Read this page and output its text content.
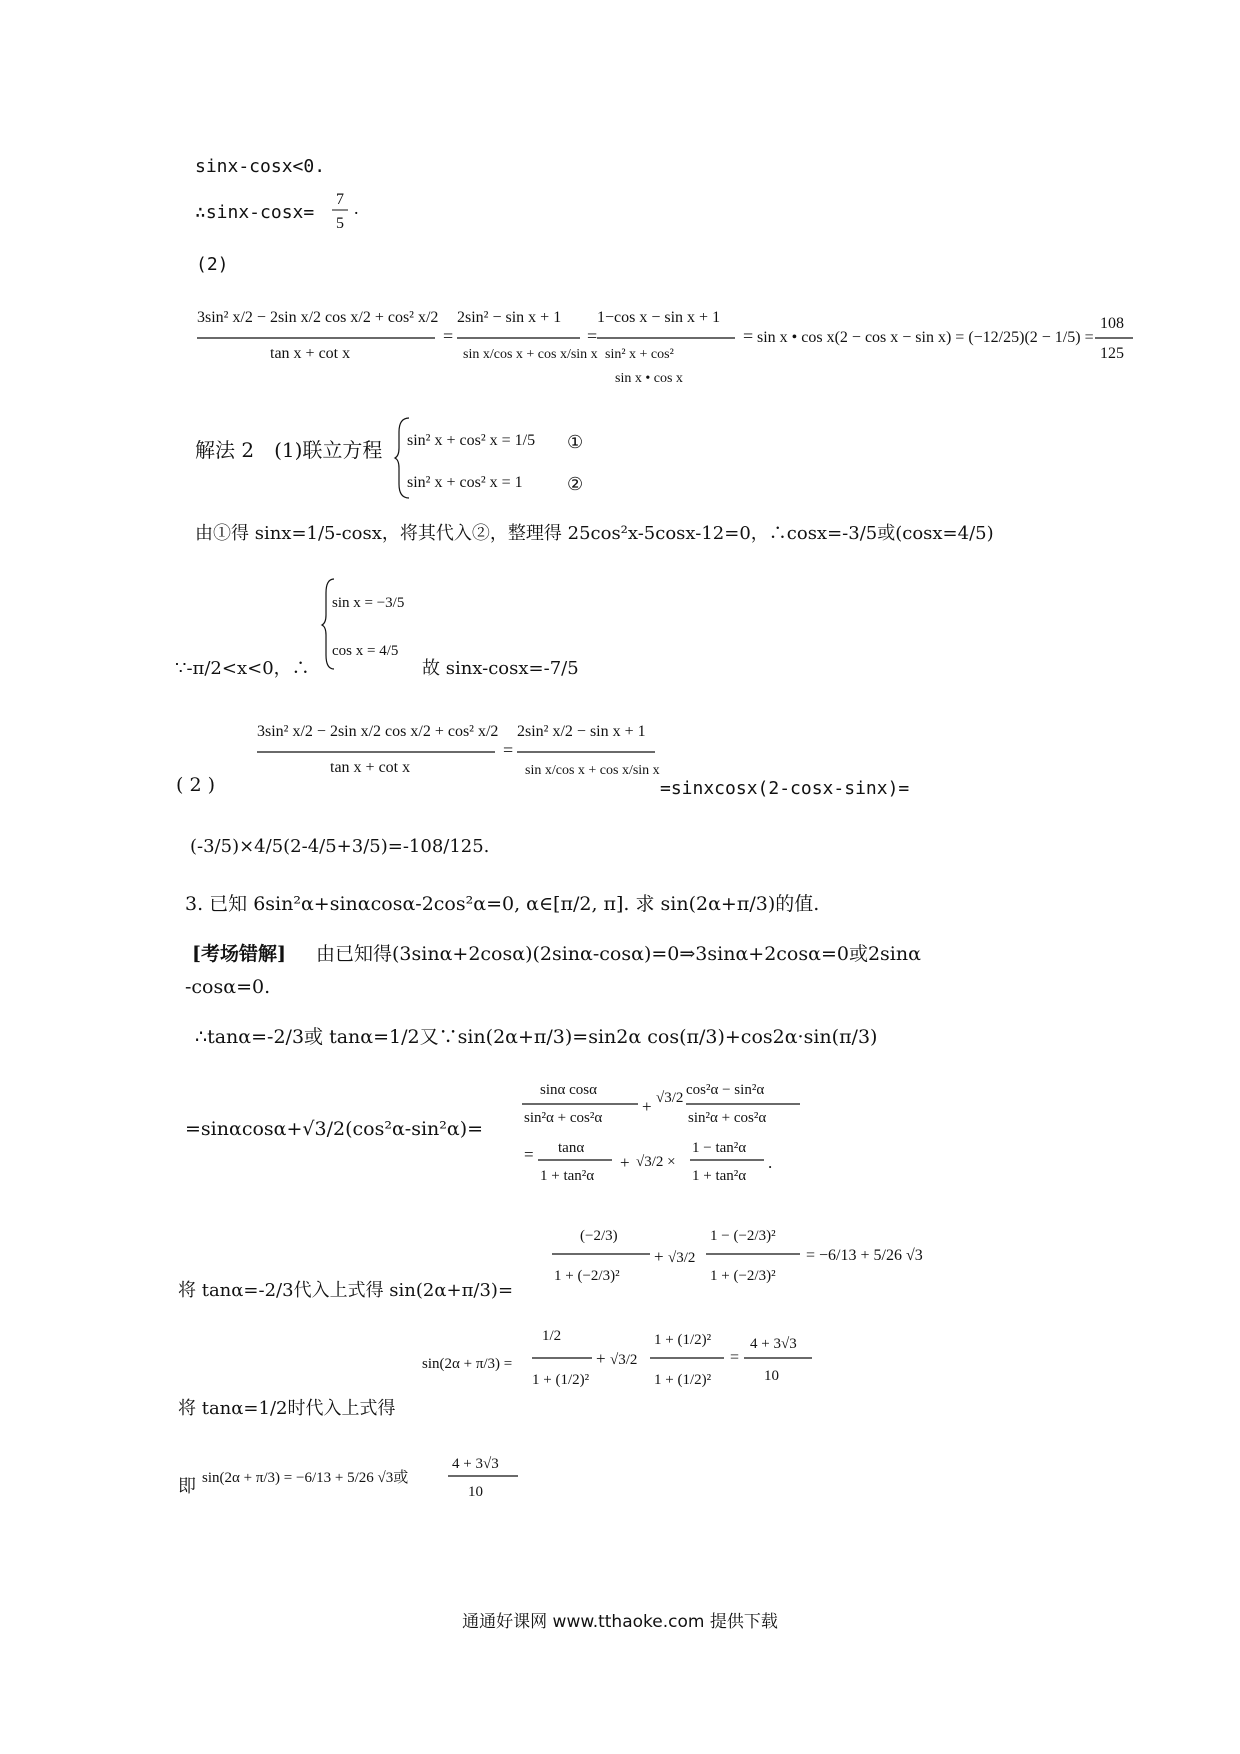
sinx-cosx<0.
∴sinx-cosx=
7
5
.
(2)
3sin² x/2 − 2sin x/2 cos x/2 + cos² x/2
tan x + cot x
=
2sin² − sin x + 1
sin x/cos x + cos x/sin x
=
1−cos x − sin x + 1
sin² x + cos²
sin x • cos x
= sin x • cos x(2 − cos x − sin x) = (−12/25)(2 − 1/5) =
108
125
解法 2　(1)联立方程 sin² x + cos² x = 1/5 ①
sin² x + cos² x = 1 ②
由①得 sinx=1/5-cosx，将其代入②，整理得 25cos²x-5cosx-12=0，∴cosx=-3/5或(cosx=4/5)
∵-π/2<x<0，∴
sin x = −3/5
cos x = 4/5
故 sinx-cosx=-7/5
3sin² x/2 − 2sin x/2 cos x/2 + cos² x/2
tan x + cot x
=
2sin² x/2 − sin x + 1
sin x/cos x + cos x/sin x
( 2 )	=sinxcosx(2-cosx-sinx)=
(-3/5)×4/5(2-4/5+3/5)=-108/125.
3. 已知 6sin²α+sinαcosα-2cos²α=0, α∈[π/2, π]. 求 sin(2α+π/3)的值.
[考场错解] 由已知得(3sinα+2cosα)(2sinα-cosα)=0⇒3sinα+2cosα=0或2sinα
-cosα=0.
∴tanα=-2/3或 tanα=1/2又∵sin(2α+π/3)=sin2α cos(π/3)+cos2α·sin(π/3)
=sinαcosα+√3/2(cos²α-sin²α)=
sinα cosα
sin²α + cos²α
+ √3/2 cos²α − sin²α
sin²α + cos²α
= tanα
1 + tan²α
+ √3/2 ×
1 − tan²α
1 + tan²α
.
将 tanα=-2/3代入上式得 sin(2α+π/3)=
(−2/3)
1 + (−2/3)²
+ √3/2
1 − (−2/3)²
1 + (−2/3)²
= −6/13 + 5/26 √3
sin(2α + π/3) =
1/2
1 + (1/2)²
+ √3/2
1 + (1/2)²
1 + (1/2)²
=
4 + 3√3
10
将 tanα=1/2时代入上式得
即 sin(2α + π/3) = −6/13 + 5/26 √3或
4 + 3√3
10
通通好课网 www.tthaoke.com 提供下载
